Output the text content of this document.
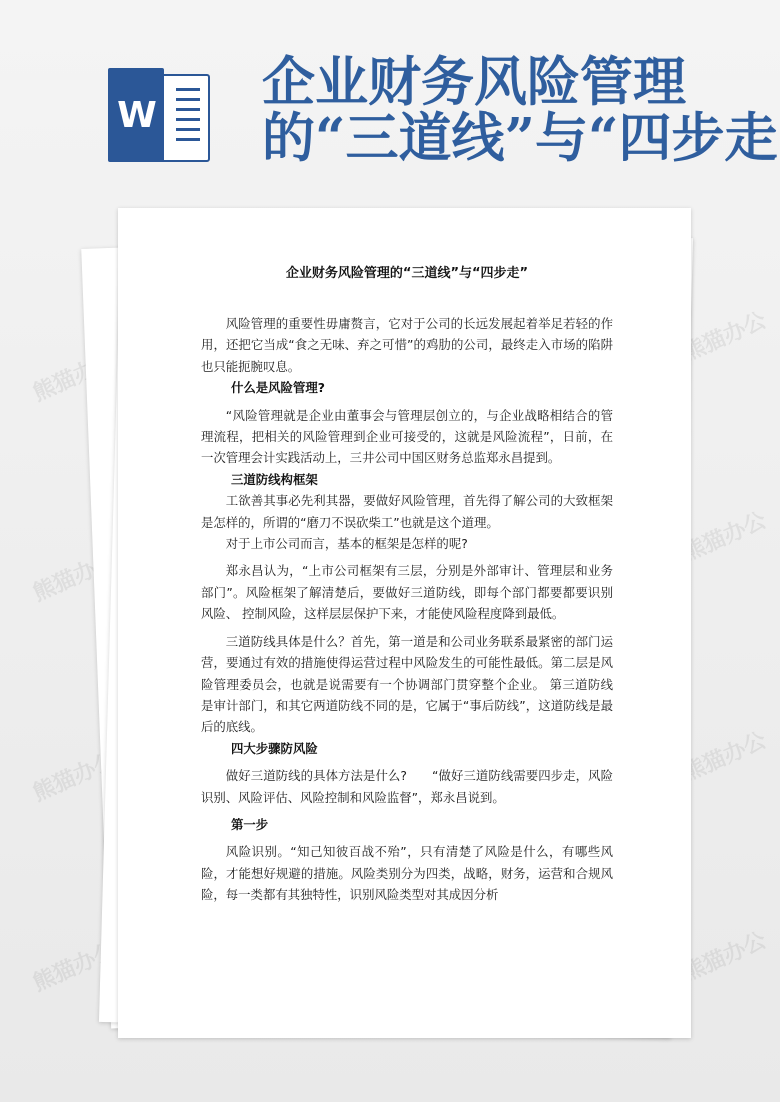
W
企业财务风险管理
的“三道线”与“四步走
企业财务风险管理的“三道线”与“四步走”

风险管理的重要性毋庸赘言，它对于公司的长远发展起着举足若轻的作用，还把它当成“食之无味、弃之可惜”的鸡肋的公司，最终走入市场的陷阱也只能扼腕叹息。

什么是风险管理?

“风险管理就是企业由董事会与管理层创立的，与企业战略相结合的管理流程，把相关的风险管理到企业可接受的，这就是风险流程”，日前，在一次管理会计实践活动上，三井公司中国区财务总监郑永昌提到。

三道防线构框架

工欲善其事必先利其器，要做好风险管理，首先得了解公司的大致框架是怎样的，所谓的“磨刀不误砍柴工”也就是这个道理。

对于上市公司而言，基本的框架是怎样的呢?

郑永昌认为，“上市公司框架有三层，分别是外部审计、管理层和业务部门”。风险框架了解清楚后，要做好三道防线，即每个部门都要都要识别风险、 控制风险，这样层层保护下来，才能使风险程度降到最低。

三道防线具体是什么？首先，第一道是和公司业务联系最紧密的部门运营，要通过有效的措施使得运营过程中风险发生的可能性最低。第二层是风险管理委员会，也就是说需要有一个协调部门贯穿整个企业。 第三道防线是审计部门，和其它两道防线不同的是，它属于“事后防线”，这道防线是最后的底线。

四大步骤防风险

做好三道防线的具体方法是什么?　　“做好三道防线需要四步走，风险识别、风险评估、风险控制和风险监督”，郑永昌说到。

第一步

风险识别。“知己知彼百战不殆”，只有清楚了风险是什么，有哪些风险，才能想好规避的措施。风险类别分为四类，战略，财务，运营和合规风险，每一类都有其独特性，识别风险类型对其成因分析
